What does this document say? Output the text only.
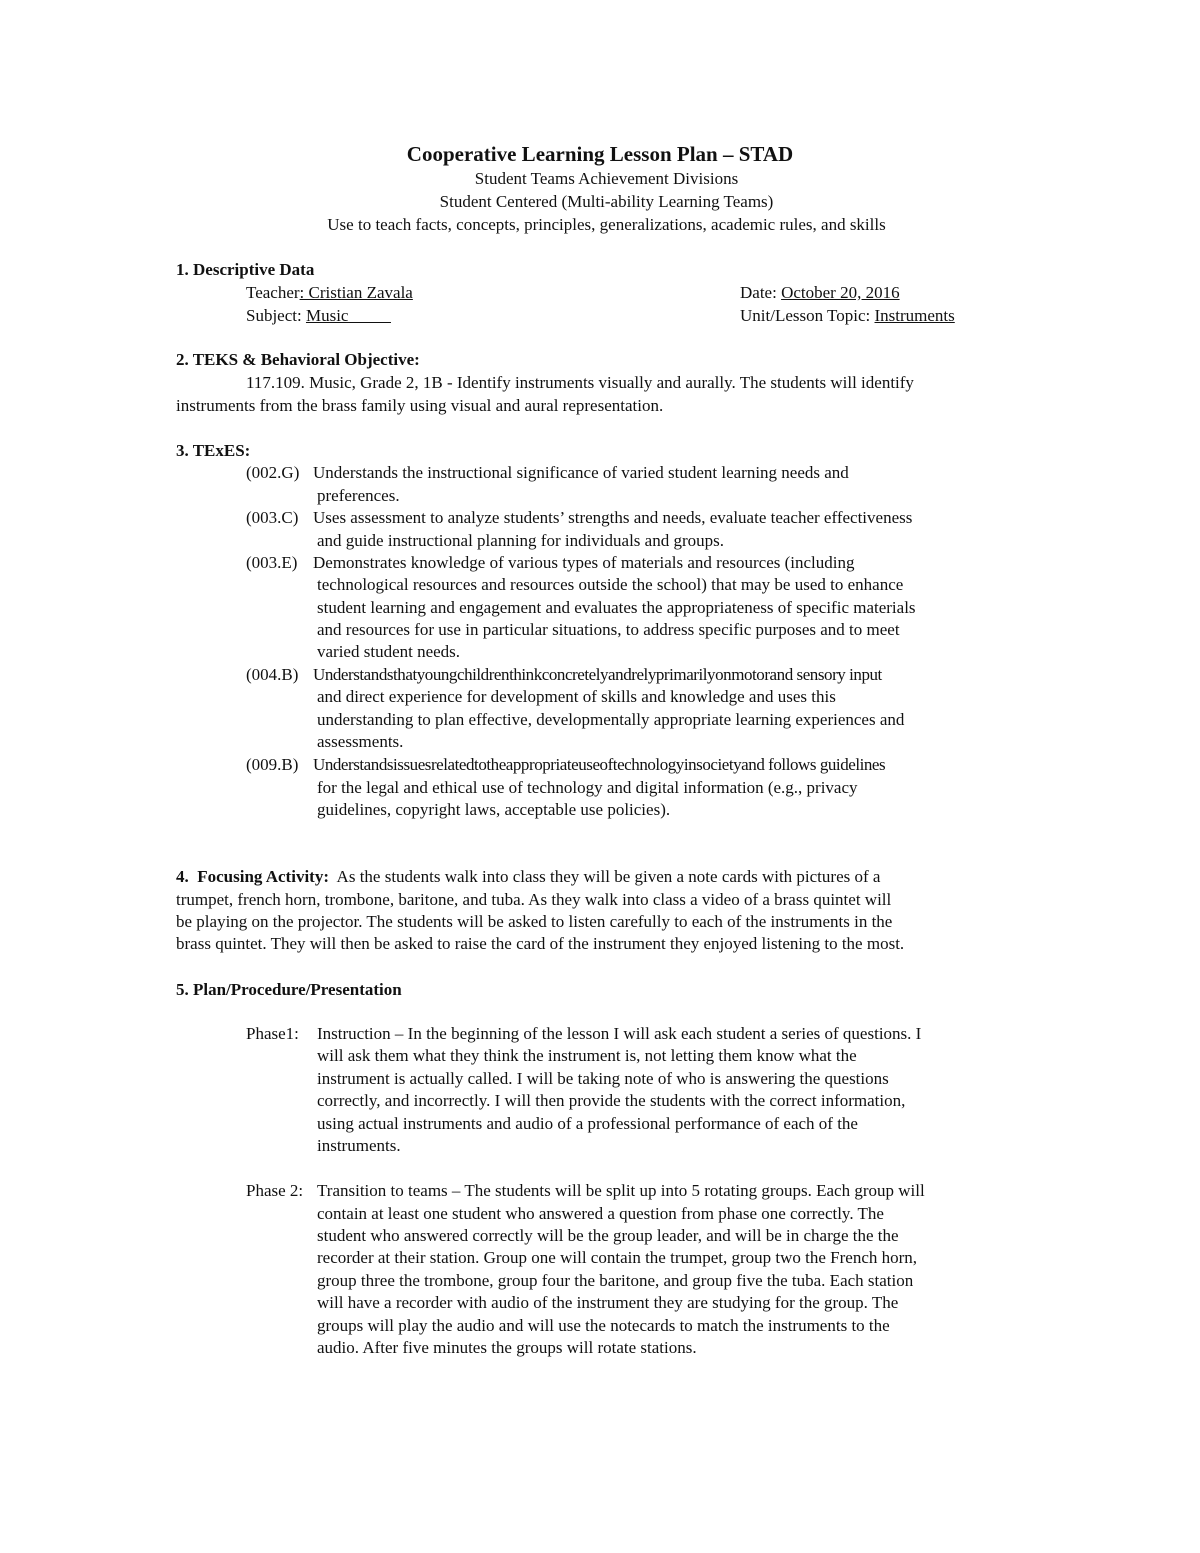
Cooperative Learning Lesson Plan – STAD
Student Teams Achievement Divisions
Student Centered (Multi-ability Learning Teams)
Use to teach facts, concepts, principles, generalizations, academic rules, and skills
1. Descriptive Data
Teacher: Cristian Zavala	Date: October 20, 2016
Subject: Music	Unit/Lesson Topic: Instruments
2. TEKS & Behavioral Objective:
117.109. Music, Grade 2, 1B - Identify instruments visually and aurally. The students will identify
instruments from the brass family using visual and aural representation.
3. TExES:
(002.G) Understands the instructional significance of varied student learning needs and
preferences.
(003.C) Uses assessment to analyze students’ strengths and needs, evaluate teacher effectiveness
and guide instructional planning for individuals and groups.
(003.E) Demonstrates knowledge of various types of materials and resources (including
technological resources and resources outside the school) that may be used to enhance
student learning and engagement and evaluates the appropriateness of specific materials
and resources for use in particular situations, to address specific purposes and to meet
varied student needs.
(004.B) Understandsthatyoungchildrenthinkconcretelyandrelyprimarilyonmotorand sensory input
and direct experience for development of skills and knowledge and uses this
understanding to plan effective, developmentally appropriate learning experiences and
assessments.
(009.B) Understandsissuesrelatedtotheappropriateuseoftechnologyinsocietyand follows guidelines
for the legal and ethical use of technology and digital information (e.g., privacy
guidelines, copyright laws, acceptable use policies).
4.  Focusing Activity:  As the students walk into class they will be given a note cards with pictures of a
trumpet, french horn, trombone, baritone, and tuba. As they walk into class a video of a brass quintet will
be playing on the projector. The students will be asked to listen carefully to each of the instruments in the
brass quintet. They will then be asked to raise the card of the instrument they enjoyed listening to the most.
5. Plan/Procedure/Presentation
Phase1: Instruction – In the beginning of the lesson I will ask each student a series of questions. I
will ask them what they think the instrument is, not letting them know what the
instrument is actually called. I will be taking note of who is answering the questions
correctly, and incorrectly. I will then provide the students with the correct information,
using actual instruments and audio of a professional performance of each of the
instruments.
Phase 2: Transition to teams – The students will be split up into 5 rotating groups. Each group will
contain at least one student who answered a question from phase one correctly. The
student who answered correctly will be the group leader, and will be in charge the the
recorder at their station. Group one will contain the trumpet, group two the French horn,
group three the trombone, group four the baritone, and group five the tuba. Each station
will have a recorder with audio of the instrument they are studying for the group. The
groups will play the audio and will use the notecards to match the instruments to the
audio. After five minutes the groups will rotate stations.
